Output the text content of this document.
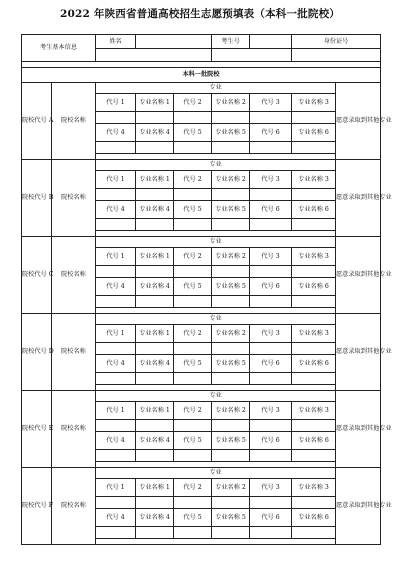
2022 年陕西省普通高校招生志愿预填表（本科一批院校）
考生基本信息		姓名			考生号		身份证号	

本科一批院校								
院校代号 A	院校名称	专业						愿意录取到其他专业
		代号 1	专业名称 1	代号 2	专业名称 2	代号 3	专业名称 3	

		代号 4	专业名称 4	代号 5	专业名称 5	代号 6	专业名称 6	

院校代号 B	院校名称	专业						愿意录取到其他专业
		代号 1	专业名称 1	代号 2	专业名称 2	代号 3	专业名称 3	

		代号 4	专业名称 4	代号 5	专业名称 5	代号 6	专业名称 6	

院校代号 C	院校名称	专业						愿意录取到其他专业
		代号 1	专业名称 1	代号 2	专业名称 2	代号 3	专业名称 3	

		代号 4	专业名称 4	代号 5	专业名称 5	代号 6	专业名称 6	

院校代号 D	院校名称	专业						愿意录取到其他专业
		代号 1	专业名称 1	代号 2	专业名称 2	代号 3	专业名称 3	

		代号 4	专业名称 4	代号 5	专业名称 5	代号 6	专业名称 6	

院校代号 E	院校名称	专业						愿意录取到其他专业
		代号 1	专业名称 1	代号 2	专业名称 2	代号 3	专业名称 3	

		代号 4	专业名称 4	代号 5	专业名称 5	代号 6	专业名称 6	

院校代号 F	院校名称	专业						愿意录取到其他专业
		代号 1	专业名称 1	代号 2	专业名称 2	代号 3	专业名称 3	

		代号 4	专业名称 4	代号 5	专业名称 5	代号 6	专业名称 6	
